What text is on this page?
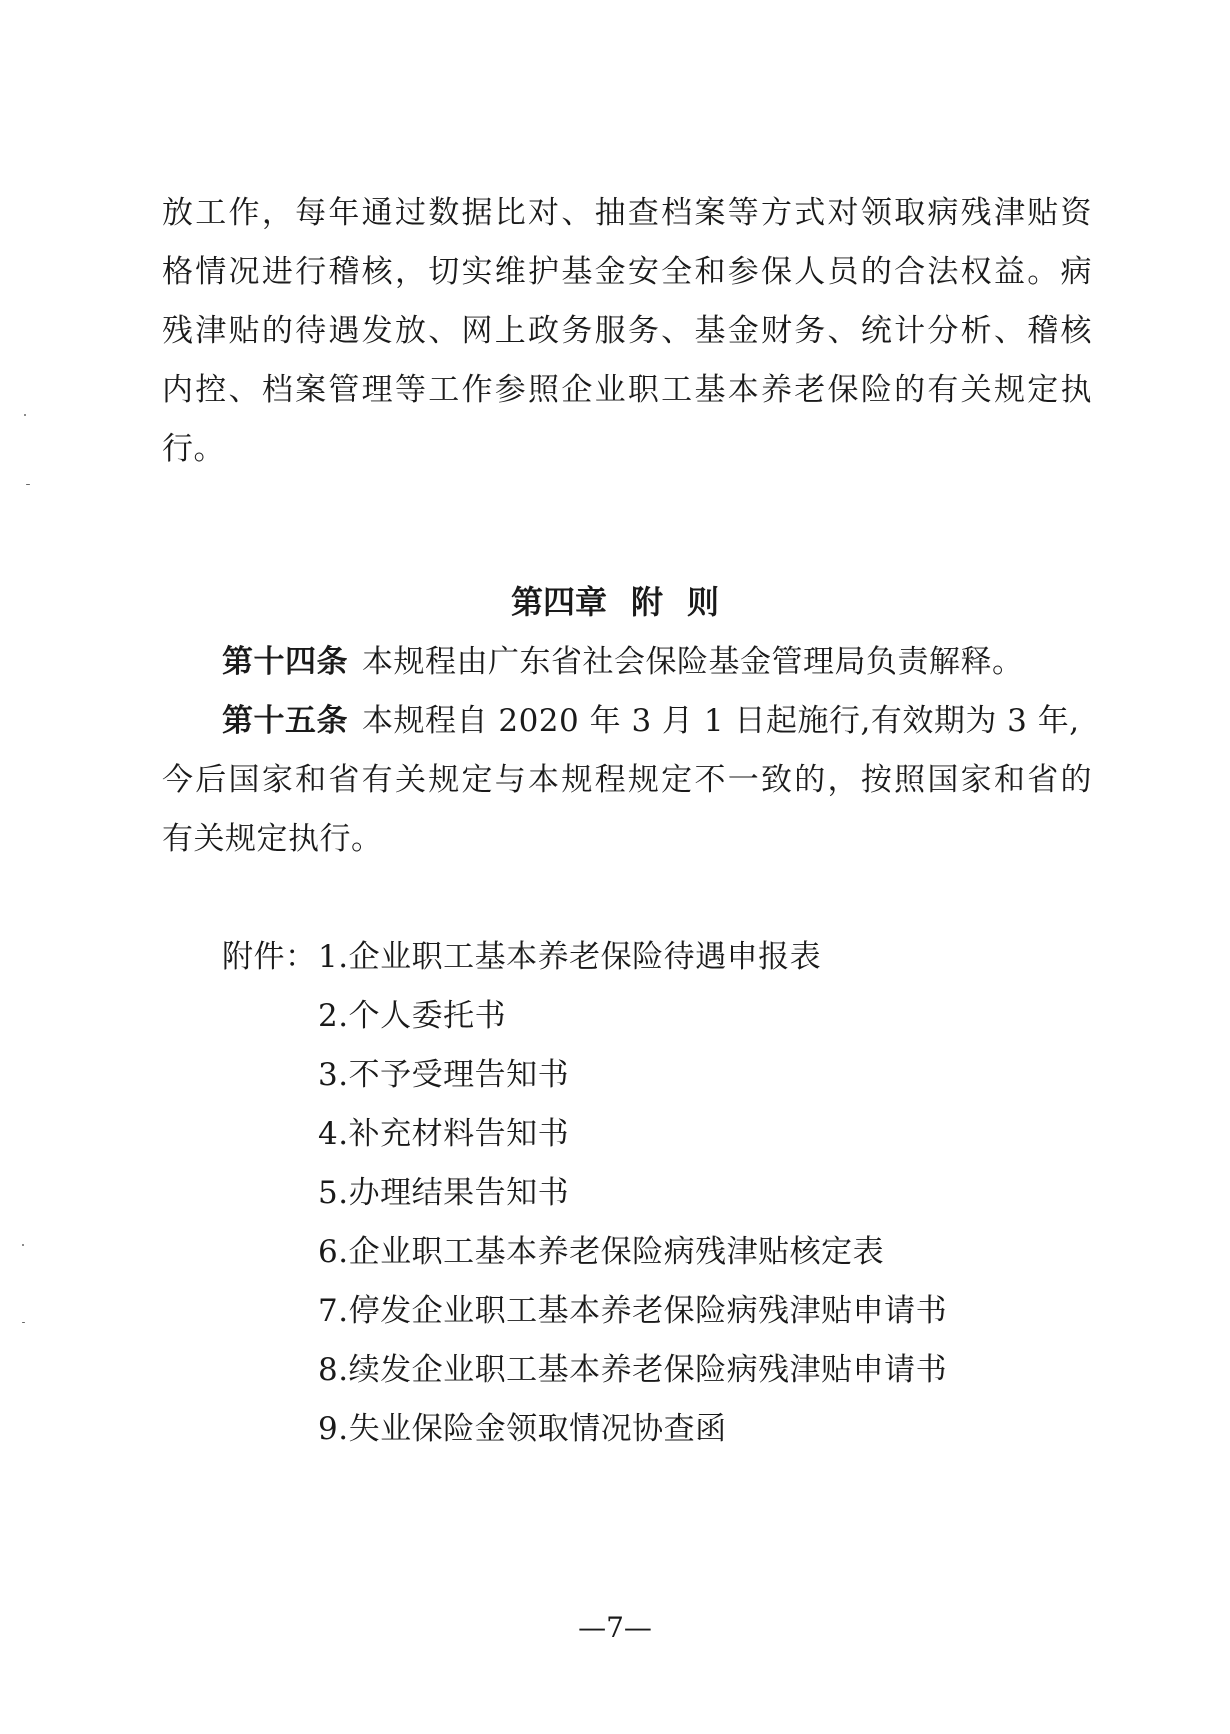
放工作，每年通过数据比对、抽查档案等方式对领取病残津贴资
格情况进行稽核，切实维护基金安全和参保人员的合法权益。病
残津贴的待遇发放、网上政务服务、基金财务、统计分析、稽核
内控、档案管理等工作参照企业职工基本养老保险的有关规定执
行。
第四章 附 则
第十四条 本规程由广东省社会保险基金管理局负责解释。
第十五条 本规程自 2020 年 3 月 1 日起施行,有效期为 3 年,
今后国家和省有关规定与本规程规定不一致的，按照国家和省的
有关规定执行。
附件： 1.企业职工基本养老保险待遇申报表
2.个人委托书
3.不予受理告知书
4.补充材料告知书
5.办理结果告知书
6.企业职工基本养老保险病残津贴核定表
7.停发企业职工基本养老保险病残津贴申请书
8.续发企业职工基本养老保险病残津贴申请书
9.失业保险金领取情况协查函
—7—
